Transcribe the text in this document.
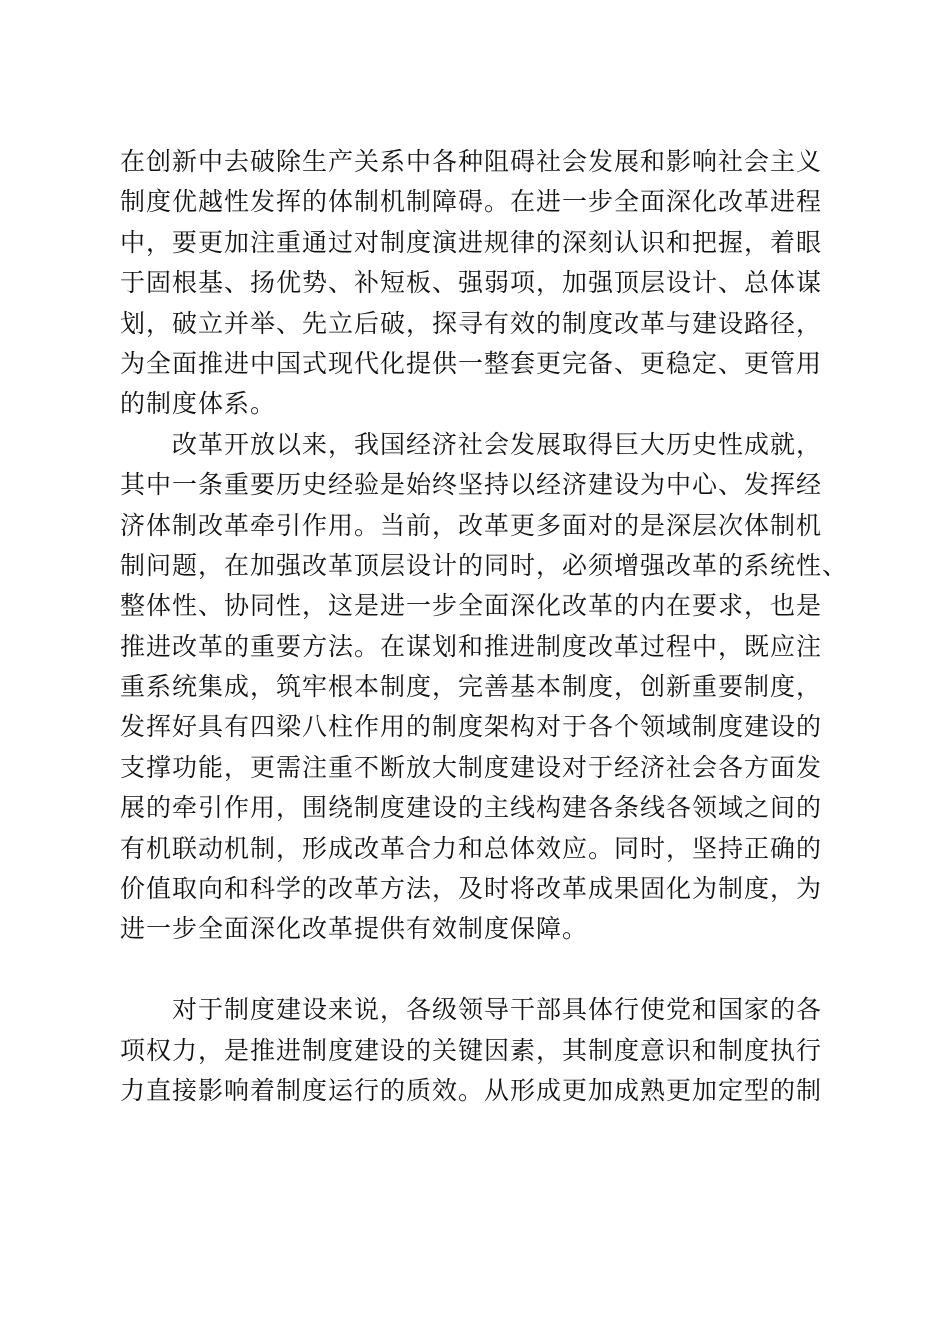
在创新中去破除生产关系中各种阻碍社会发展和影响社会主义
制度优越性发挥的体制机制障碍。在进一步全面深化改革进程
中，要更加注重通过对制度演进规律的深刻认识和把握，着眼
于固根基、扬优势、补短板、强弱项，加强顶层设计、总体谋
划，破立并举、先立后破，探寻有效的制度改革与建设路径，
为全面推进中国式现代化提供一整套更完备、更稳定、更管用
的制度体系。
　　改革开放以来，我国经济社会发展取得巨大历史性成就，
其中一条重要历史经验是始终坚持以经济建设为中心、发挥经
济体制改革牵引作用。当前，改革更多面对的是深层次体制机
制问题，在加强改革顶层设计的同时，必须增强改革的系统性、
整体性、协同性，这是进一步全面深化改革的内在要求，也是
推进改革的重要方法。在谋划和推进制度改革过程中，既应注
重系统集成，筑牢根本制度，完善基本制度，创新重要制度，
发挥好具有四梁八柱作用的制度架构对于各个领域制度建设的
支撑功能，更需注重不断放大制度建设对于经济社会各方面发
展的牵引作用，围绕制度建设的主线构建各条线各领域之间的
有机联动机制，形成改革合力和总体效应。同时，坚持正确的
价值取向和科学的改革方法，及时将改革成果固化为制度，为
进一步全面深化改革提供有效制度保障。
　　对于制度建设来说，各级领导干部具体行使党和国家的各
项权力，是推进制度建设的关键因素，其制度意识和制度执行
力直接影响着制度运行的质效。从形成更加成熟更加定型的制
